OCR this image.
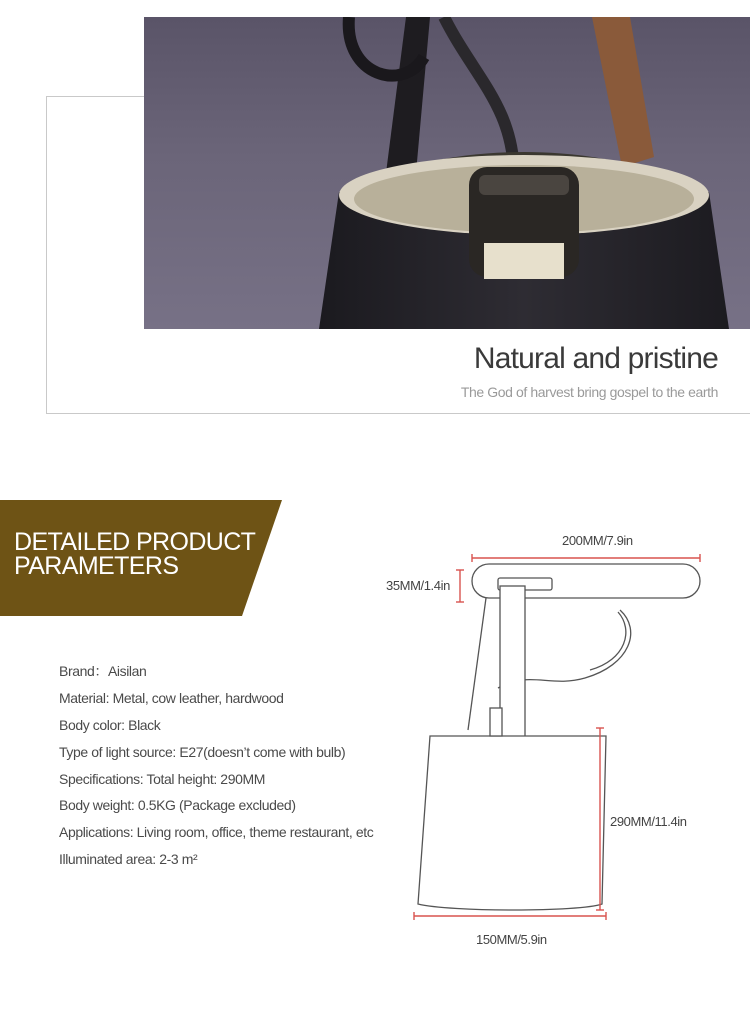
Natural and pristine

The God of harvest bring gospel to the earth

DETAILED PRODUCT
PARAMETERS
Brand：Aisilan
Material: Metal, cow leather, hardwood
Body color: Black
Type of light source: E27(doesn’t come with bulb)
Specifications: Total height: 290MM
Body weight: 0.5KG (Package excluded)
Applications: Living room, office, theme restaurant, etc
Illuminated area: 2-3 m²
200MM/7.9in
35MM/1.4in
290MM/11.4in
150MM/5.9in
